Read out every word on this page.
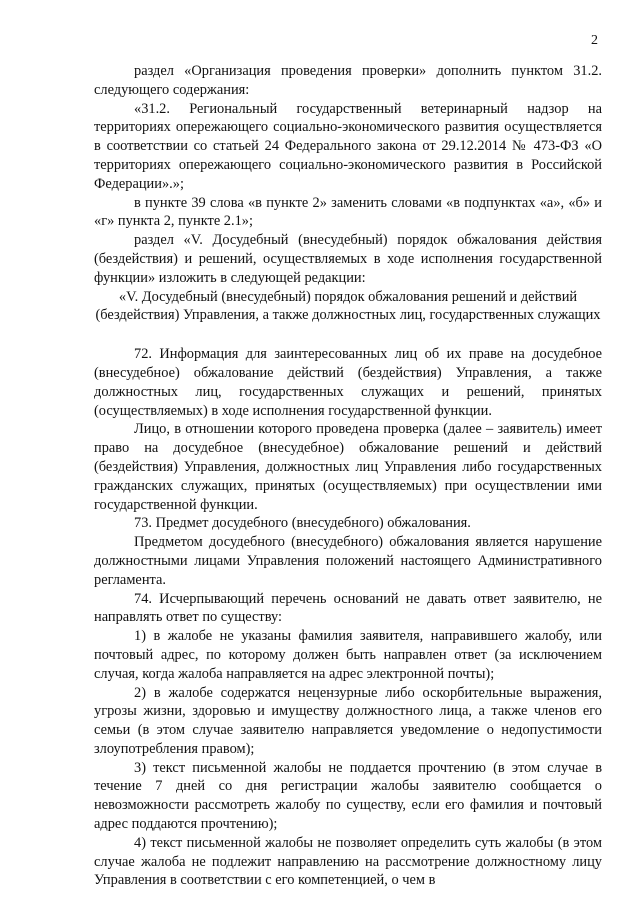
2

раздел «Организация проведения проверки» дополнить пунктом 31.2. следующего содержания:

«31.2. Региональный государственный ветеринарный надзор на территориях опережающего социально-экономического развития осуществляется в соответствии со статьей 24 Федерального закона от 29.12.2014 № 473-ФЗ «О территориях опережающего социально-экономического развития в Российской Федерации».»;

в пункте 39 слова «в пункте 2» заменить словами «в подпунктах «а», «б» и «г» пункта 2, пункте 2.1»;

раздел «V. Досудебный (внесудебный) порядок обжалования действия (бездействия) и решений, осуществляемых в ходе исполнения государственной функции» изложить в следующей редакции:

«V. Досудебный (внесудебный) порядок обжалования решений и действий (бездействия) Управления, а также должностных лиц, государственных служащих

72. Информация для заинтересованных лиц об их праве на досудебное (внесудебное) обжалование действий (бездействия) Управления, а также должностных лиц, государственных служащих и решений, принятых (осуществляемых) в ходе исполнения государственной функции.

Лицо, в отношении которого проведена проверка (далее – заявитель) имеет право на досудебное (внесудебное) обжалование решений и действий (бездействия) Управления, должностных лиц Управления либо государственных гражданских служащих, принятых (осуществляемых) при осуществлении ими государственной функции.

73. Предмет досудебного (внесудебного) обжалования.

Предметом досудебного (внесудебного) обжалования является нарушение должностными лицами Управления положений настоящего Административного регламента.

74. Исчерпывающий перечень оснований не давать ответ заявителю, не направлять ответ по существу:

1) в жалобе не указаны фамилия заявителя, направившего жалобу, или почтовый адрес, по которому должен быть направлен ответ (за исключением случая, когда жалоба направляется на адрес электронной почты);

2) в жалобе содержатся нецензурные либо оскорбительные выражения, угрозы жизни, здоровью и имуществу должностного лица, а также членов его семьи (в этом случае заявителю направляется уведомление о недопустимости злоупотребления правом);

3) текст письменной жалобы не поддается прочтению (в этом случае в течение 7 дней со дня регистрации жалобы заявителю сообщается о невозможности рассмотреть жалобу по существу, если его фамилия и почтовый адрес поддаются прочтению);

4) текст письменной жалобы не позволяет определить суть жалобы (в этом случае жалоба не подлежит направлению на рассмотрение должностному лицу Управления в соответствии с его компетенцией, о чем в
